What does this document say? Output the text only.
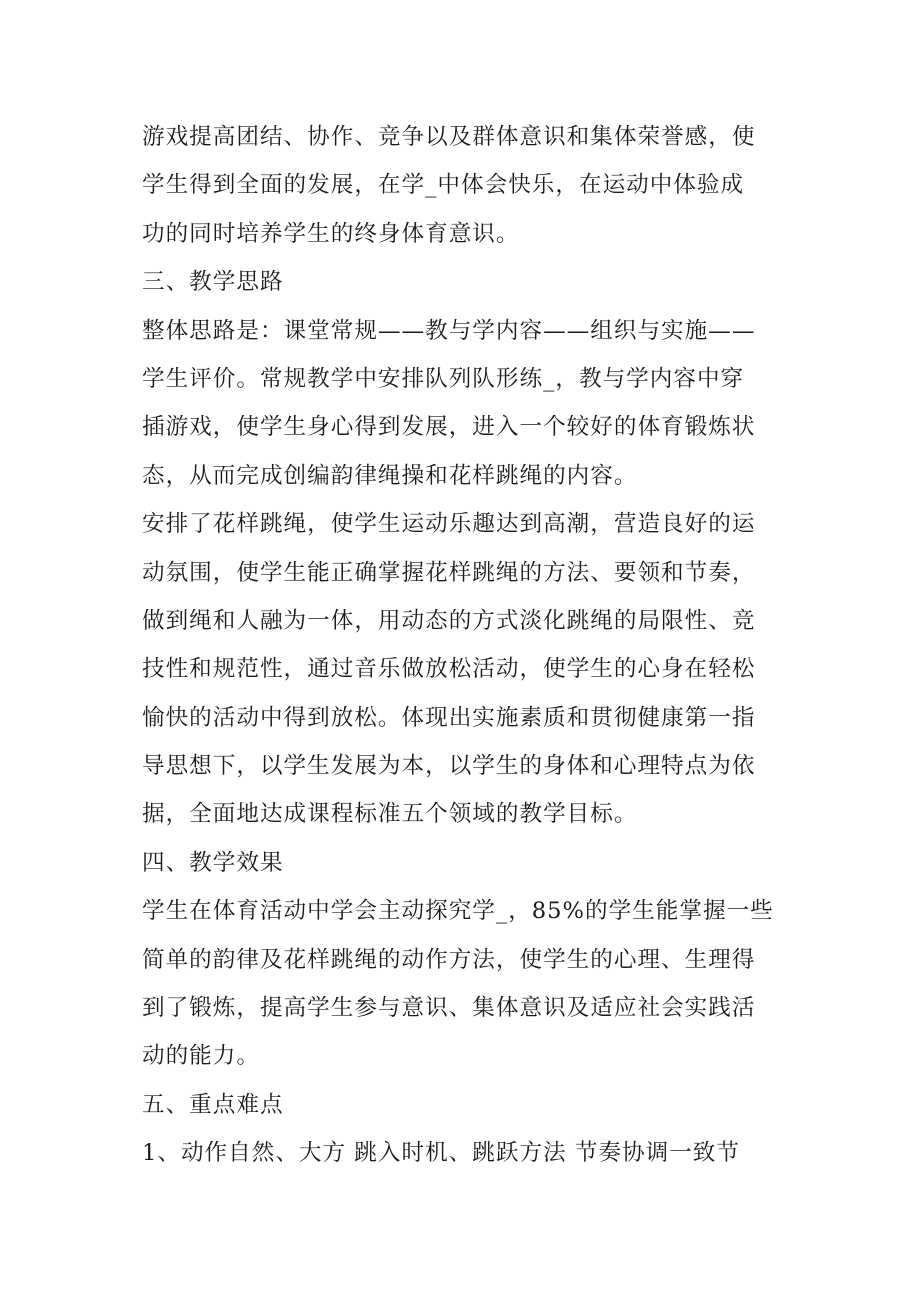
游戏提高团结、协作、竞争以及群体意识和集体荣誉感，使
学生得到全面的发展，在学_中体会快乐，在运动中体验成
功的同时培养学生的终身体育意识。
三、教学思路
整体思路是：课堂常规——教与学内容——组织与实施——
学生评价。常规教学中安排队列队形练_，教与学内容中穿
插游戏，使学生身心得到发展，进入一个较好的体育锻炼状
态，从而完成创编韵律绳操和花样跳绳的内容。
安排了花样跳绳，使学生运动乐趣达到高潮，营造良好的运
动氛围，使学生能正确掌握花样跳绳的方法、要领和节奏，
做到绳和人融为一体，用动态的方式淡化跳绳的局限性、竞
技性和规范性，通过音乐做放松活动，使学生的心身在轻松
愉快的活动中得到放松。体现出实施素质和贯彻健康第一指
导思想下，以学生发展为本，以学生的身体和心理特点为依
据，全面地达成课程标准五个领域的教学目标。
四、教学效果
学生在体育活动中学会主动探究学_，85%的学生能掌握一些
简单的韵律及花样跳绳的动作方法，使学生的心理、生理得
到了锻炼，提高学生参与意识、集体意识及适应社会实践活
动的能力。
五、重点难点
1、动作自然、大方 跳入时机、跳跃方法 节奏协调一致节
